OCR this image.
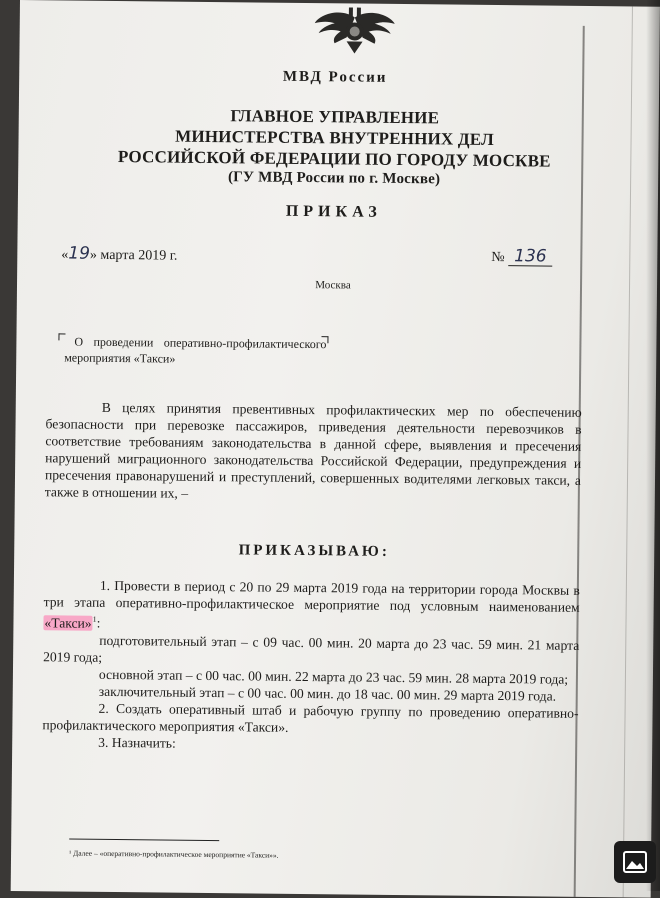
МВД России
ГЛАВНОЕ УПРАВЛЕНИЕ
МИНИСТЕРСТВА ВНУТРЕННИХ ДЕЛ
РОССИЙСКОЙ ФЕДЕРАЦИИ ПО ГОРОДУ МОСКВЕ
(ГУ МВД России по г. Москве)
ПРИКАЗ
«19» марта 2019 г.	№ 136
Москва
О проведении оперативно-профилактического мероприятия «Такси»

В целях принятия превентивных профилактических мер по обеспечению безопасности при перевозке пассажиров, приведения деятельности перевозчиков в соответствие требованиям законодательства в данной сфере, выявления и пресечения нарушений миграционного законодательства Российской Федерации, предупреждения и пресечения правонарушений и преступлений, совершенных водителями легковых такси, а также в отношении их, –

ПРИКАЗЫВАЮ:

1. Провести в период с 20 по 29 марта 2019 года на территории города Москвы в три этапа оперативно-профилактическое мероприятие под условным наименованием «Такси»$^1$:

подготовительный этап – с 09 час. 00 мин. 20 марта до 23 час. 59 мин. 21 марта 2019 года;

основной этап – с 00 час. 00 мин. 22 марта до 23 час. 59 мин. 28 марта 2019 года;

заключительный этап – с 00 час. 00 мин. до 18 час. 00 мин. 29 марта 2019 года.

2. Создать оперативный штаб и рабочую группу по проведению оперативно-профилактического мероприятия «Такси».

3. Назначить:

¹ Далее – «оперативно-профилактическое мероприятие «Такси»».
